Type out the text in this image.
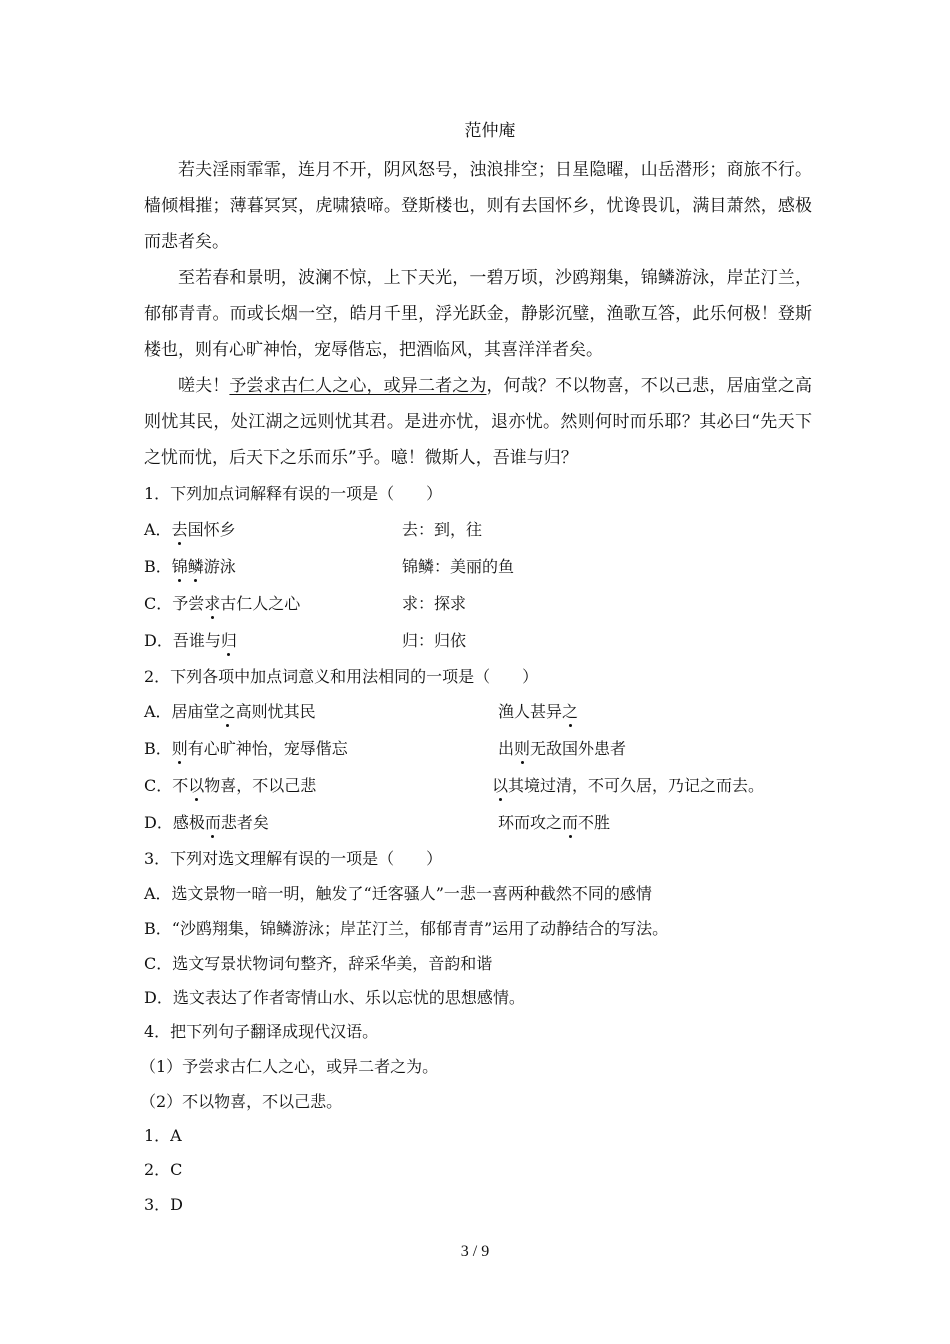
范仲庵
若夫淫雨霏霏，连月不开，阴风怒号，浊浪排空；日星隐曜，山岳潜形；商旅不行。樯倾楫摧；薄暮冥冥，虎啸猿啼。登斯楼也，则有去国怀乡，忧谗畏讥，满目萧然，感极而悲者矣。
至若春和景明，波澜不惊，上下天光，一碧万顷，沙鸥翔集，锦鳞游泳，岸芷汀兰，郁郁青青。而或长烟一空，皓月千里，浮光跃金，静影沉璧，渔歌互答，此乐何极！登斯楼也，则有心旷神怡，宠辱偕忘，把酒临风，其喜洋洋者矣。
嗟夫！予尝求古仁人之心，或异二者之为，何哉？不以物喜，不以己悲，居庙堂之高则忧其民，处江湖之远则忧其君。是进亦忧，退亦忧。然则何时而乐耶？其必曰“先天下之忧而忧，后天下之乐而乐”乎。噫！微斯人，吾谁与归？
1．下列加点词解释有误的一项是（　　）
A．去国怀乡	去：到，往
B．锦鳞游泳	锦鳞：美丽的鱼
C．予尝求古仁人之心	求：探求
D．吾谁与归	归：归依
2．下列各项中加点词意义和用法相同的一项是（　　）
A．居庙堂之高则忧其民	渔人甚异之
B．则有心旷神怡，宠辱偕忘	出则无敌国外患者
C．不以物喜，不以己悲	以其境过清，不可久居，乃记之而去。
D．感极而悲者矣	环而攻之而不胜
3．下列对选文理解有误的一项是（　　）
A．选文景物一暗一明，触发了“迁客骚人”一悲一喜两种截然不同的感情
B．“沙鸥翔集，锦鳞游泳；岸芷汀兰，郁郁青青”运用了动静结合的写法。
C．选文写景状物词句整齐，辞采华美，音韵和谐
D．选文表达了作者寄情山水、乐以忘忧的思想感情。
4．把下列句子翻译成现代汉语。
（1）予尝求古仁人之心，或异二者之为。
（2）不以物喜，不以己悲。
1．A
2．C
3．D
3 / 9
